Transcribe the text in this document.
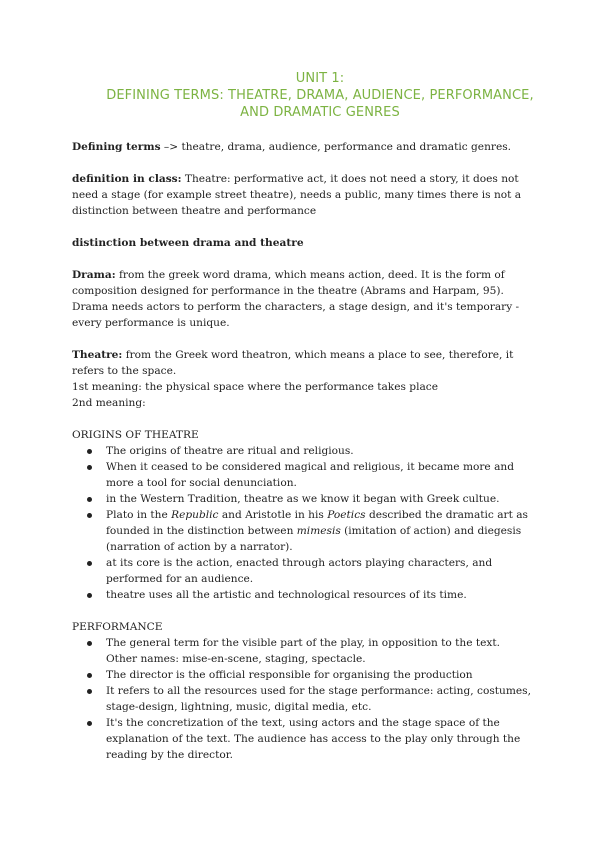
UNIT 1:
DEFINING TERMS: THEATRE, DRAMA, AUDIENCE, PERFORMANCE,
AND DRAMATIC GENRES

Defining terms –> theatre, drama, audience, performance and dramatic genres.

definition in class: Theatre: performative act, it does not need a story, it does not need a stage (for example street theatre), needs a public, many times there is not a distinction between theatre and performance

distinction between drama and theatre

Drama: from the greek word drama, which means action, deed. It is the form of composition designed for performance in the theatre (Abrams and Harpam, 95). Drama needs actors to perform the characters, a stage design, and it's temporary - every performance is unique.

Theatre: from the Greek word theatron, which means a place to see, therefore, it refers to the space.

1st meaning: the physical space where the performance takes place

2nd meaning:

ORIGINS OF THEATRE

The origins of theatre are ritual and religious.
When it ceased to be considered magical and religious, it became more and more a tool for social denunciation.
in the Western Tradition, theatre as we know it began with Greek cultue.
Plato in the Republic and Aristotle in his Poetics described the dramatic art as founded in the distinction between mimesis (imitation of action) and diegesis (narration of action by a narrator).
at its core is the action, enacted through actors playing characters, and performed for an audience.
theatre uses all the artistic and technological resources of its time.

PERFORMANCE

The general term for the visible part of the play, in opposition to the text. Other names: mise-en-scene, staging, spectacle.
The director is the official responsible for organising the production
It refers to all the resources used for the stage performance: acting, costumes, stage-design, lightning, music, digital media, etc.
It's the concretization of the text, using actors and the stage space of the explanation of the text. The audience has access to the play only through the reading by the director.
